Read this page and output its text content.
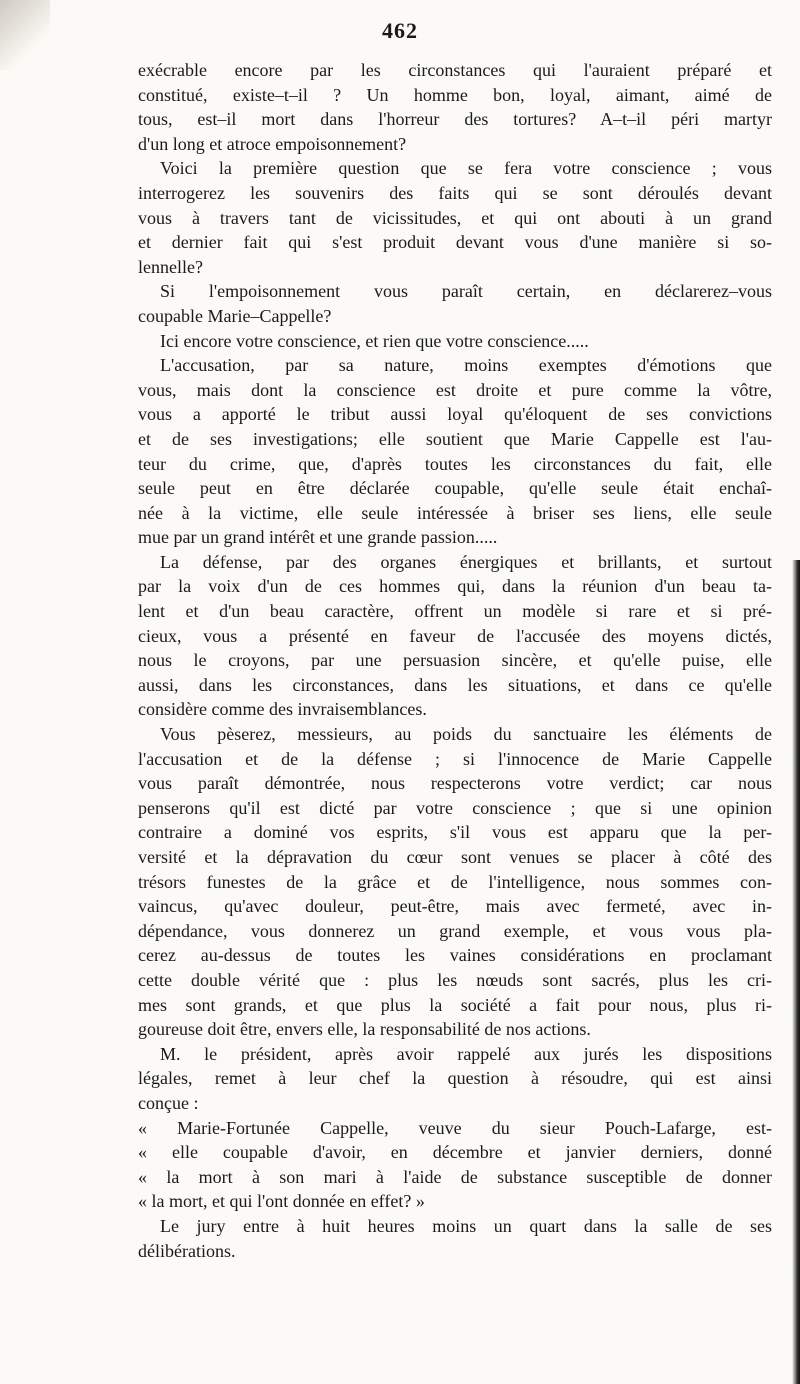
462
exécrable encore par les circonstances qui l'auraient préparé et
constitué, existe–t–il ? Un homme bon, loyal, aimant, aimé de
tous, est–il mort dans l'horreur des tortures? A–t–il péri martyr
d'un long et atroce empoisonnement?
Voici la première question que se fera votre conscience ; vous
interrogerez les souvenirs des faits qui se sont déroulés devant
vous à travers tant de vicissitudes, et qui ont abouti à un grand
et dernier fait qui s'est produit devant vous d'une manière si so-
lennelle?
Si l'empoisonnement vous paraît certain, en déclarerez–vous
coupable Marie–Cappelle?
Ici encore votre conscience, et rien que votre conscience.....
L'accusation, par sa nature, moins exemptes d'émotions que
vous, mais dont la conscience est droite et pure comme la vôtre,
vous a apporté le tribut aussi loyal qu'éloquent de ses convictions
et de ses investigations; elle soutient que Marie Cappelle est l'au-
teur du crime, que, d'après toutes les circonstances du fait, elle
seule peut en être déclarée coupable, qu'elle seule était enchaî-
née à la victime, elle seule intéressée à briser ses liens, elle seule
mue par un grand intérêt et une grande passion.....
La défense, par des organes énergiques et brillants, et surtout
par la voix d'un de ces hommes qui, dans la réunion d'un beau ta-
lent et d'un beau caractère, offrent un modèle si rare et si pré-
cieux, vous a présenté en faveur de l'accusée des moyens dictés,
nous le croyons, par une persuasion sincère, et qu'elle puise, elle
aussi, dans les circonstances, dans les situations, et dans ce qu'elle
considère comme des invraisemblances.
Vous pèserez, messieurs, au poids du sanctuaire les éléments de
l'accusation et de la défense ; si l'innocence de Marie Cappelle
vous paraît démontrée, nous respecterons votre verdict; car nous
penserons qu'il est dicté par votre conscience ; que si une opinion
contraire a dominé vos esprits, s'il vous est apparu que la per-
versité et la dépravation du cœur sont venues se placer à côté des
trésors funestes de la grâce et de l'intelligence, nous sommes con-
vaincus, qu'avec douleur, peut-être, mais avec fermeté, avec in-
dépendance, vous donnerez un grand exemple, et vous vous pla-
cerez au-dessus de toutes les vaines considérations en proclamant
cette double vérité que : plus les nœuds sont sacrés, plus les cri-
mes sont grands, et que plus la société a fait pour nous, plus ri-
goureuse doit être, envers elle, la responsabilité de nos actions.
M. le président, après avoir rappelé aux jurés les dispositions
légales, remet à leur chef la question à résoudre, qui est ainsi
conçue :
« Marie-Fortunée Cappelle, veuve du sieur Pouch-Lafarge, est-
« elle coupable d'avoir, en décembre et janvier derniers, donné
« la mort à son mari à l'aide de substance susceptible de donner
« la mort, et qui l'ont donnée en effet? »
Le jury entre à huit heures moins un quart dans la salle de ses
délibérations.
